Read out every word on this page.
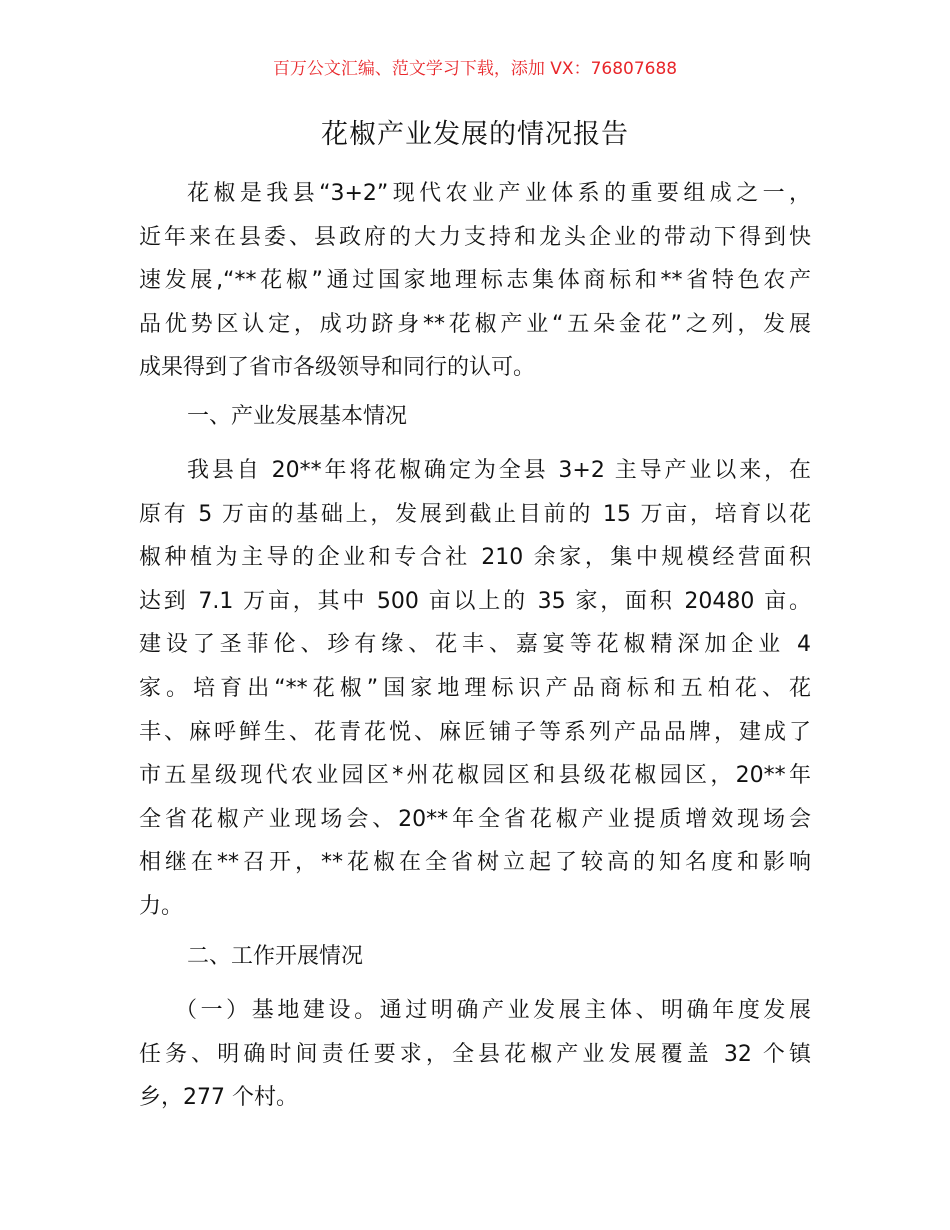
百万公文汇编、范文学习下载，添加 VX：76807688
花椒产业发展的情况报告
花椒是我县“3+2”现代农业产业体系的重要组成之一，
近年来在县委、县政府的大力支持和龙头企业的带动下得到快
速发展,“**花椒”通过国家地理标志集体商标和**省特色农产
品优势区认定，成功跻身**花椒产业“五朵金花”之列，发展
成果得到了省市各级领导和同行的认可。
一、产业发展基本情况
我县自 20**年将花椒确定为全县 3+2 主导产业以来，在
原有 5 万亩的基础上，发展到截止目前的 15 万亩，培育以花
椒种植为主导的企业和专合社 210 余家，集中规模经营面积
达到 7.1 万亩，其中 500 亩以上的 35 家，面积 20480 亩。
建设了圣菲伦、珍有缘、花丰、嘉宴等花椒精深加企业 4
家。培育出“**花椒”国家地理标识产品商标和五柏花、花
丰、麻呼鲜生、花青花悦、麻匠铺子等系列产品品牌，建成了
市五星级现代农业园区*州花椒园区和县级花椒园区，20**年
全省花椒产业现场会、20**年全省花椒产业提质增效现场会
相继在**召开，**花椒在全省树立起了较高的知名度和影响
力。
二、工作开展情况
（一）基地建设。通过明确产业发展主体、明确年度发展
任务、明确时间责任要求，全县花椒产业发展覆盖 32 个镇
乡，277 个村。
